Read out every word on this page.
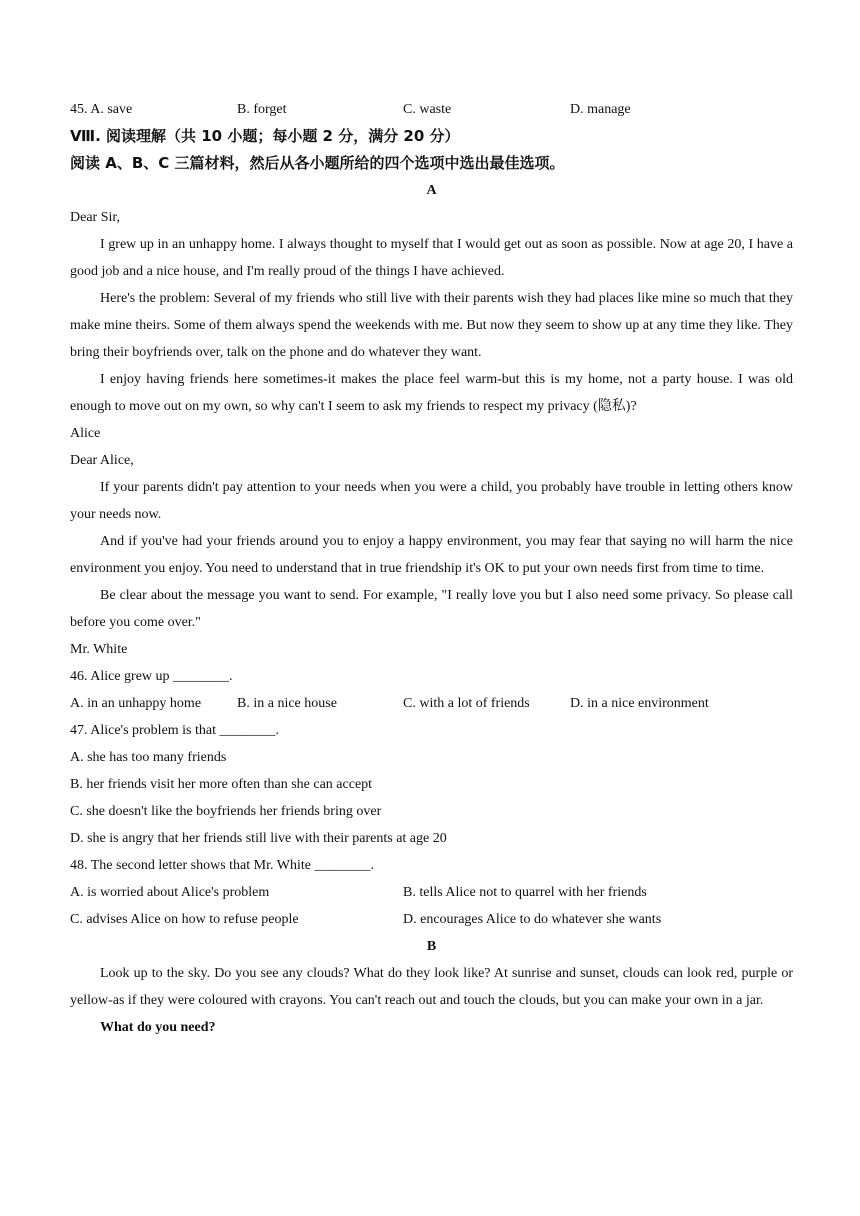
45. A. save	B. forget	C. waste	D. manage
Ⅷ. 阅读理解（共 10 小题；每小题 2 分，满分 20 分）
阅读 A、B、C 三篇材料，然后从各小题所给的四个选项中选出最佳选项。
A
Dear Sir,
I grew up in an unhappy home. I always thought to myself that I would get out as soon as possible. Now at age 20, I have a good job and a nice house, and I'm really proud of the things I have achieved.
Here's the problem: Several of my friends who still live with their parents wish they had places like mine so much that they make mine theirs. Some of them always spend the weekends with me. But now they seem to show up at any time they like. They bring their boyfriends over, talk on the phone and do whatever they want.
I enjoy having friends here sometimes-it makes the place feel warm-but this is my home, not a party house. I was old enough to move out on my own, so why can't I seem to ask my friends to respect my privacy (隐私)?
Alice
Dear Alice,
If your parents didn't pay attention to your needs when you were a child, you probably have trouble in letting others know your needs now.
And if you've had your friends around you to enjoy a happy environment, you may fear that saying no will harm the nice environment you enjoy. You need to understand that in true friendship it's OK to put your own needs first from time to time.
Be clear about the message you want to send. For example, "I really love you but I also need some privacy. So please call before you come over."
Mr. White
46. Alice grew up ________.
A. in an unhappy home	B. in a nice house	C. with a lot of friends	D. in a nice environment
47. Alice's problem is that ________.
A. she has too many friends
B. her friends visit her more often than she can accept
C. she doesn't like the boyfriends her friends bring over
D. she is angry that her friends still live with their parents at age 20
48. The second letter shows that Mr. White ________.
A. is worried about Alice's problem	B. tells Alice not to quarrel with her friends
C. advises Alice on how to refuse people	D. encourages Alice to do whatever she wants
B
Look up to the sky. Do you see any clouds? What do they look like? At sunrise and sunset, clouds can look red, purple or yellow-as if they were coloured with crayons. You can't reach out and touch the clouds, but you can make your own in a jar.
What do you need?
